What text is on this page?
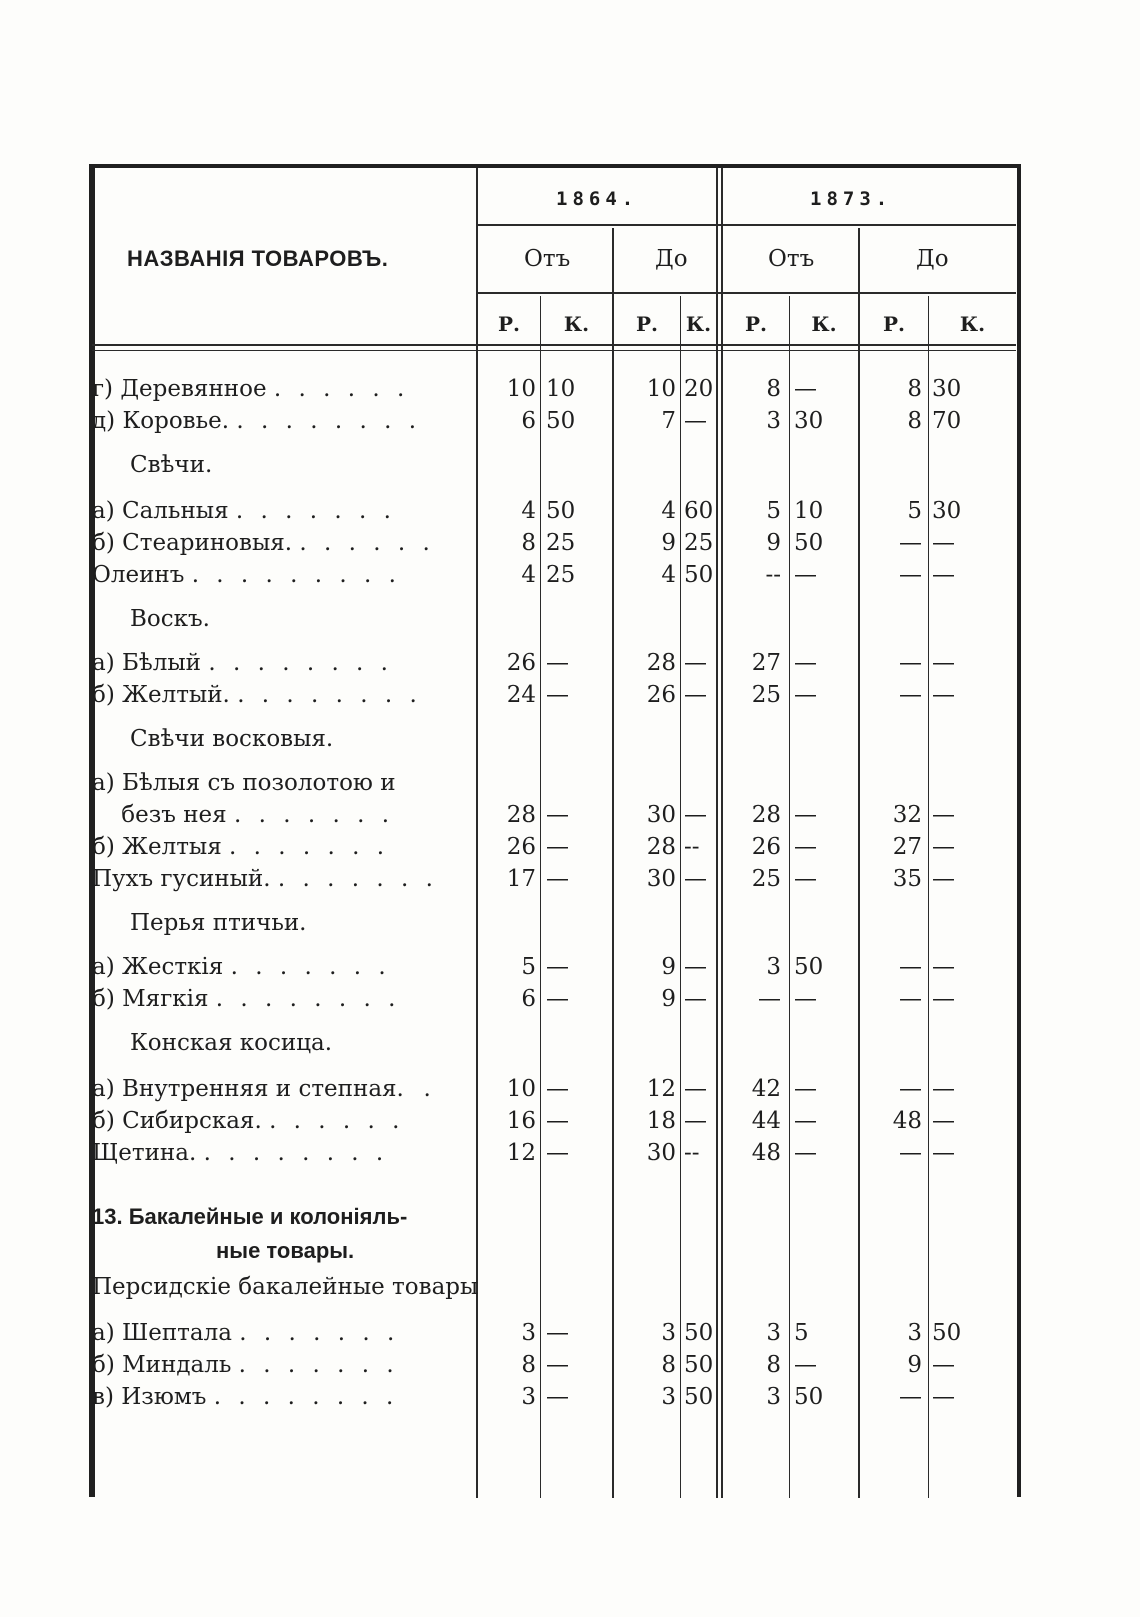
НАЗВАНІЯ ТОВАРОВЪ.
1864.	1873.
Отъ	До	Отъ	До
Р.	К.	Р.	К.	Р.	К.	Р.	К.
г) Деревянное . . . . . .	10 10	10 20	8 —	8 30
д) Коровье. . . . . . . . .	6 50	7 —	3 30	8 70
Свѣчи.
а) Сальныя . . . . . . .	4 50	4 60	5 10	5 30
б) Стеариновыя. . . . . . .	8 25	9 25	9 50	— —
Олеинъ . . . . . . . . .	4 25	4 50	-- —	— —
Воскъ.
а) Бѣлый . . . . . . . .	26 —	28 —	27 —	— —
б) Желтый. . . . . . . . .	24 —	26 —	25 —	— —
Свѣчи восковыя.
а) Бѣлыя съ позолотою и
безъ нея . . . . . . .	28 —	30 —	28 —	32 —
б) Желтыя . . . . . . .	26 —	28 --	26 —	27 —
Пухъ гусиный. . . . . . . .	17 —	30 —	25 —	35 —
Перья птичьи.
а) Жесткія . . . . . . .	5 —	9 —	3 50	— —
б) Мягкія . . . . . . . .	6 —	9 —	— —	— —
Конская косица.
а) Внутренняя и степная.  .	10 —	12 —	42 —	— —
б) Сибирская. . . . . . .	16 —	18 —	44 —	48 —
Щетина. . . . . . . . .	12 —	30 --	48 —	— —
Персидскіе бакалейные товары
а) Шептала . . . . . . .	3 —	3 50	3 5	3 50
б) Миндаль . . . . . . .	8 —	8 50	8 —	9 —
в) Изюмъ . . . . . . . .	3 —	3 50	3 50	— —
13. Бакалейные и колоніяль-
ные товары.
